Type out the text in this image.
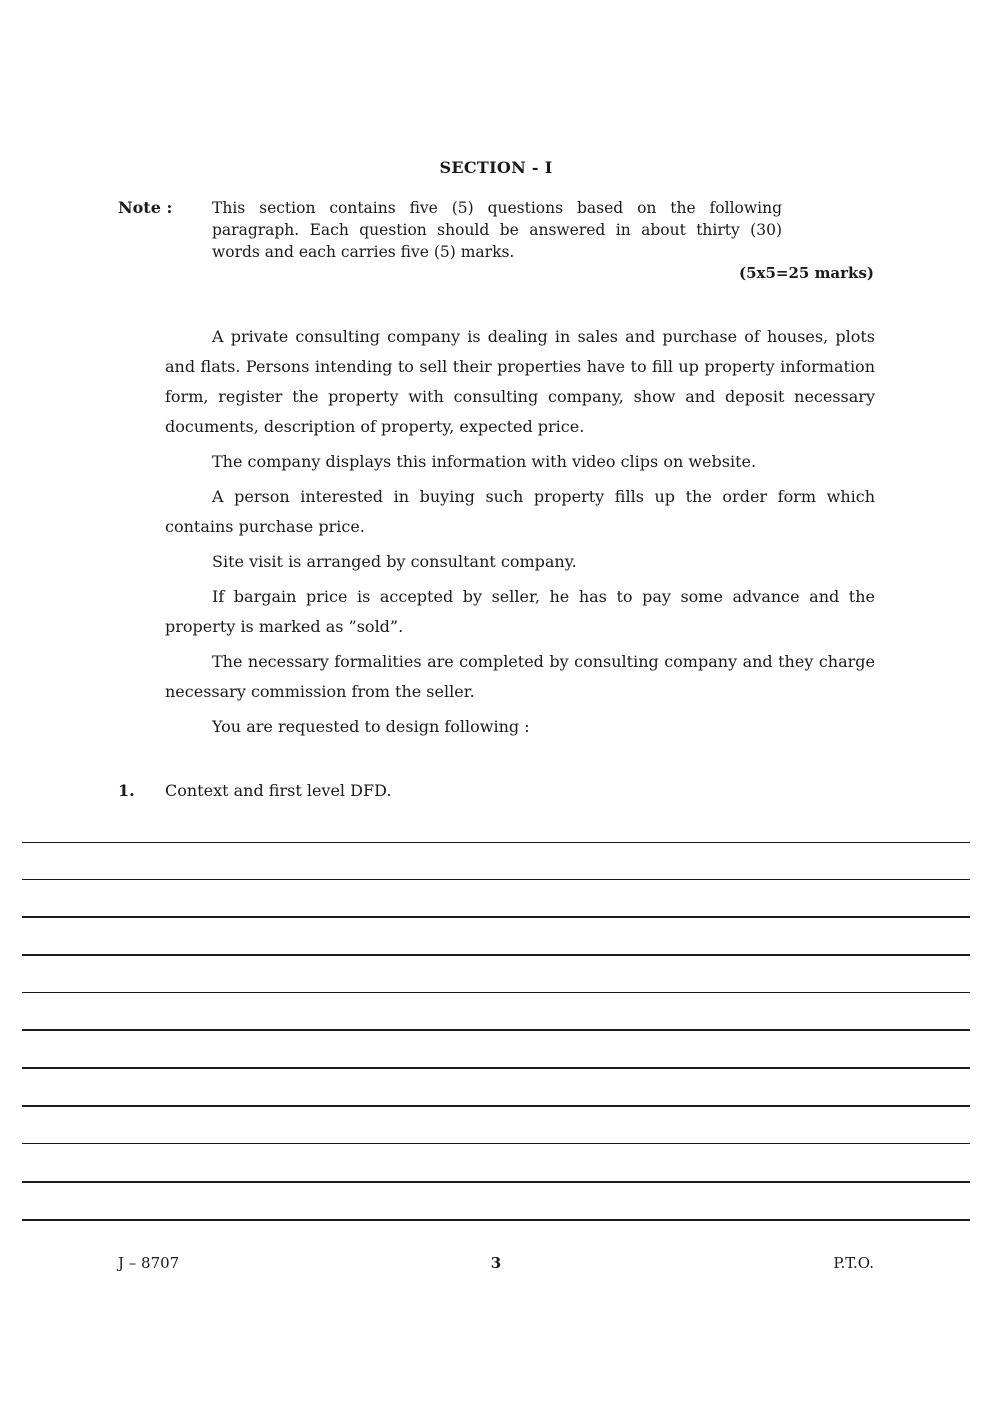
SECTION - I
Note :	This section contains five (5) questions based on the following paragraph. Each question should be answered in about thirty (30) words and each carries five (5) marks.
(5x5=25 marks)

A private consulting company is dealing in sales and purchase of houses, plots and flats. Persons intending to sell their properties have to fill up property information form, register the property with consulting company, show and deposit necessary documents, description of property, expected price.

The company displays this information with video clips on website.

A person interested in buying such property fills up the order form which contains purchase price.

Site visit is arranged by consultant company.

If bargain price is accepted by seller, he has to pay some advance and the property is marked as ”sold”.

The necessary formalities are completed by consulting company and they charge necessary commission from the seller.

You are requested to design following :

1.	Context and first level DFD.
J – 8707	3	P.T.O.
